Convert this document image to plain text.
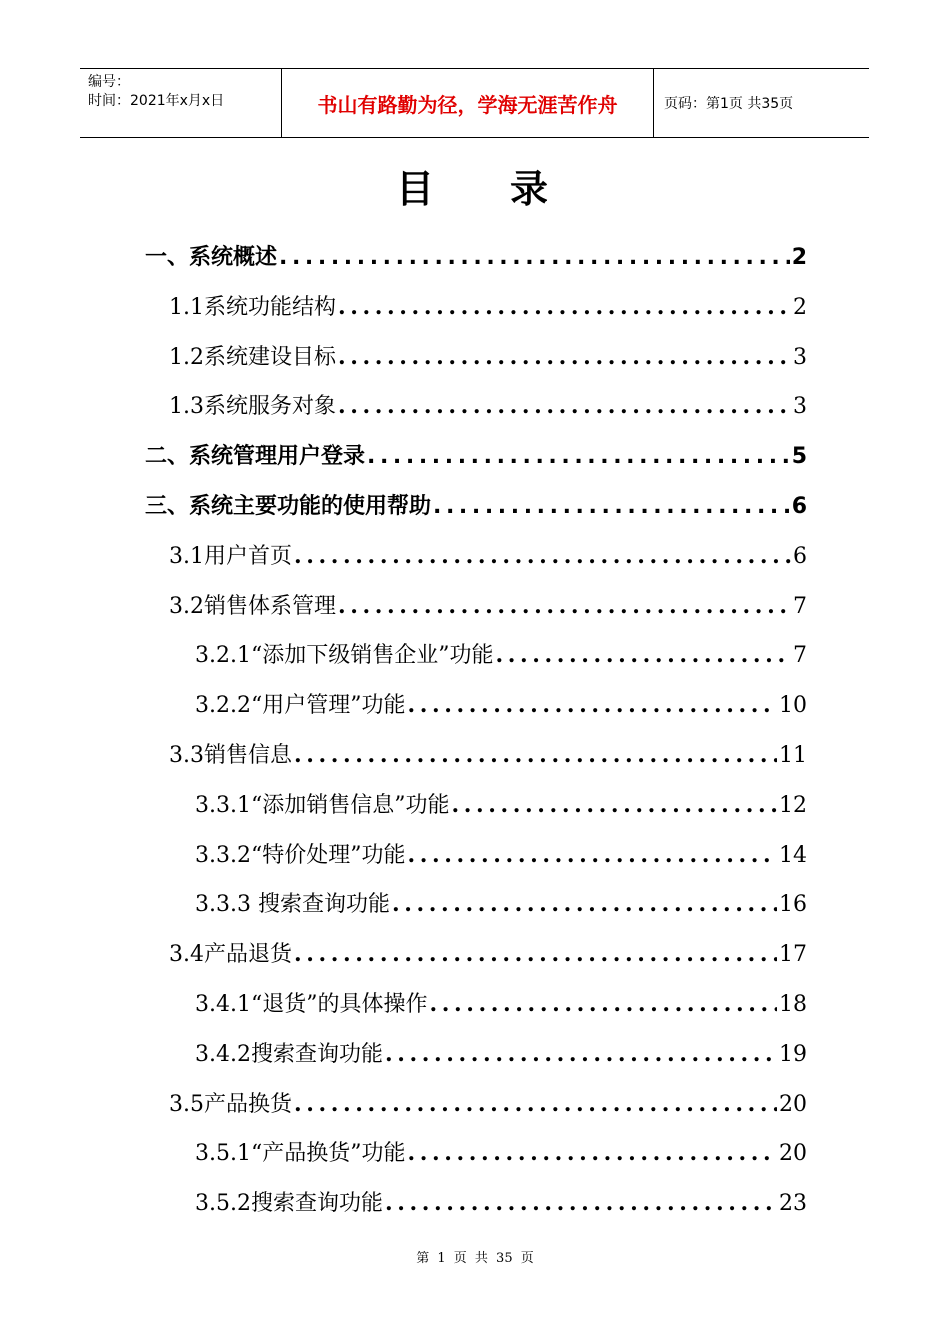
编号：
时间：2021年x月x日	书山有路勤为径，学海无涯苦作舟	页码：第1页 共35页
目录
一、系统概述 .....	2
1.1系统功能结构 .....	2
1.2系统建设目标 .....	3
1.3系统服务对象 .....	3
二、系统管理用户登录 .....	5
三、系统主要功能的使用帮助 .....	6
3.1用户首页 .....	6
3.2销售体系管理 .....	7
3.2.1“添加下级销售企业”功能 .....	7
3.2.2“用户管理”功能 .....	10
3.3销售信息 .....	11
3.3.1“添加销售信息”功能 .....	12
3.3.2“特价处理”功能 .....	14
3.3.3 搜索查询功能 .....	16
3.4产品退货 .....	17
3.4.1“退货”的具体操作 .....	18
3.4.2搜索查询功能 .....	19
3.5产品换货 .....	20
3.5.1“产品换货”功能 .....	20
3.5.2搜索查询功能 .....	23
第 1 页 共 35 页
